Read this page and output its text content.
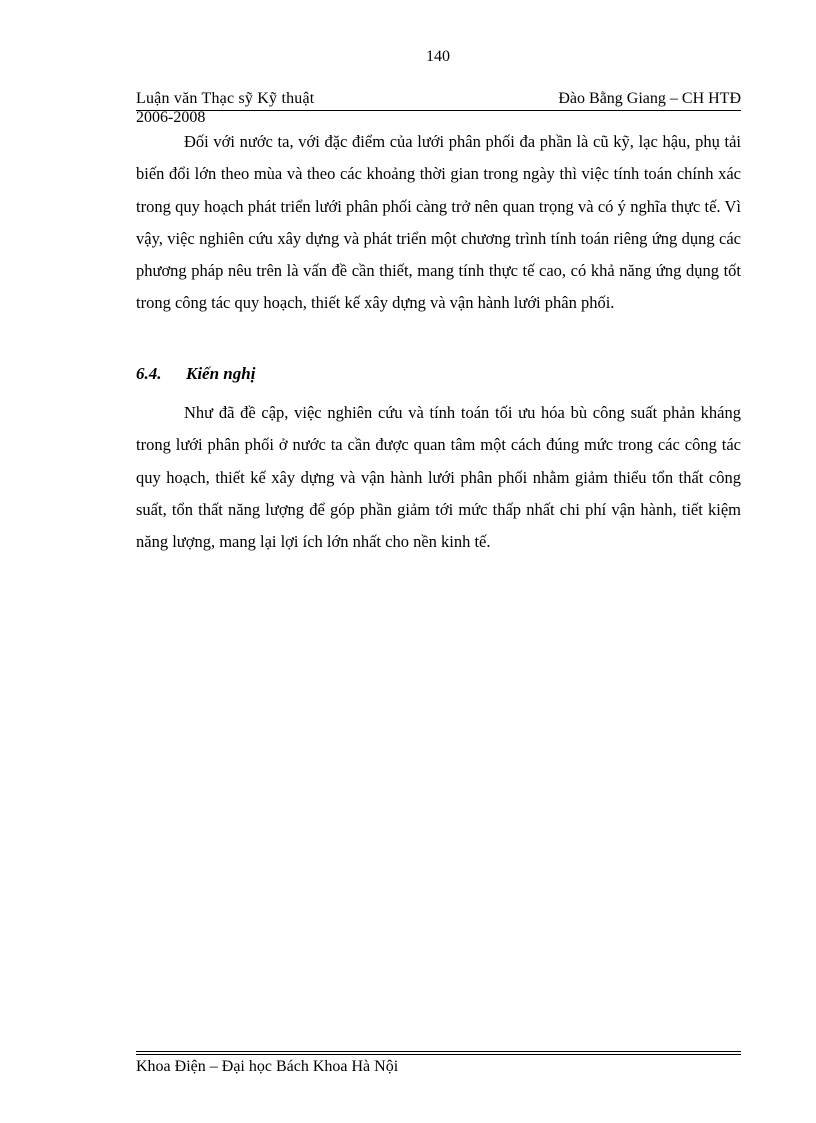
140
Luận văn Thạc sỹ Kỹ thuật	Đào Bằng Giang – CH HTĐ
2006-2008

Đối với nước ta, với đặc điểm của lưới phân phối đa phần là cũ kỹ, lạc hậu, phụ tải biến đổi lớn theo mùa và theo các khoảng thời gian trong ngày thì việc tính toán chính xác trong quy hoạch phát triển lưới phân phối càng trở nên quan trọng và có ý nghĩa thực tế. Vì vậy, việc nghiên cứu xây dựng và phát triển một chương trình tính toán riêng ứng dụng các phương pháp nêu trên là vấn đề cần thiết, mang tính thực tế cao, có khả năng ứng dụng tốt trong công tác quy hoạch, thiết kế xây dựng và vận hành lưới phân phối.

6.4. Kiến nghị

Như đã đề cập, việc nghiên cứu và tính toán tối ưu hóa bù công suất phản kháng trong lưới phân phối ở nước ta cần được quan tâm một cách đúng mức trong các công tác quy hoạch, thiết kế xây dựng và vận hành lưới phân phối nhằm giảm thiểu tổn thất công suất, tổn thất năng lượng để góp phần giảm tới mức thấp nhất chi phí vận hành, tiết kiệm năng lượng, mang lại lợi ích lớn nhất cho nền kinh tế.

Khoa Điện – Đại học Bách Khoa Hà Nội
